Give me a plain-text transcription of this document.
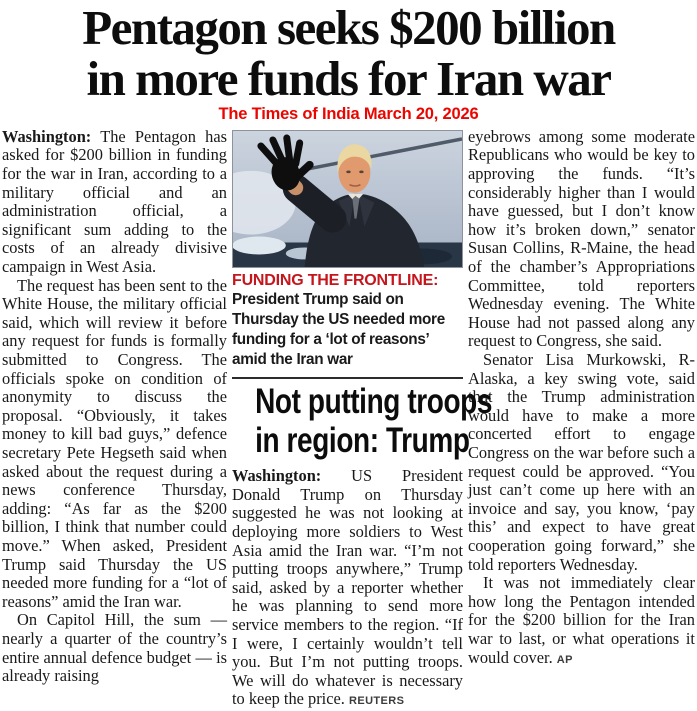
Pentagon seeks $200 billion
in more funds for Iran war
The Times of India March 20, 2026

Washington: The Pentagon has asked for $200 billion in funding for the war in Iran, according to a military official and an administration official, a significant sum adding to the costs of an already divisive campaign in West Asia.

The request has been sent to the White House, the military official said, which will review it before any request for funds is formally submitted to Congress. The officials spoke on condition of anonymity to discuss the proposal. “Obviously, it takes money to kill bad guys,” defence secretary Pete Hegseth said when asked about the request during a news conference Thursday, adding: “As far as the $200 billion, I think that number could move.” When asked, President Trump said Thursday the US needed more funding for a “lot of reasons” amid the Iran war.

On Capitol Hill, the sum — nearly a quarter of the country’s entire annual defence budget — is already raising

FUNDING THE FRONTLINE:
President Trump said on Thursday the US needed more funding for a ‘lot of reasons’ amid the Iran war
Not putting troops
in region: Trump

Washington: US President Donald Trump on Thursday suggested he was not looking at deploying more soldiers to West Asia amid the Iran war. “I’m not putting troops anywhere,” Trump said, asked by a reporter whether he was planning to send more service members to the region. “If I were, I certainly wouldn’t tell you. But I’m not putting troops. We will do whatever is necessary to keep the price. REUTERS

eyebrows among some moderate Republicans who would be key to approving the funds. “It’s considerably higher than I would have guessed, but I don’t know how it’s broken down,” senator Susan Collins, R-Maine, the head of the chamber’s Appropriations Committee, told reporters Wednesday evening. The White House had not passed along any request to Congress, she said.

Senator Lisa Murkowski, R-Alaska, a key swing vote, said that the Trump administration would have to make a more concerted effort to engage Congress on the war before such a request could be approved. “You just can’t come up here with an invoice and say, you know, ‘pay this’ and expect to have great cooperation going forward,” she told reporters Wednesday.

It was not immediately clear how long the Pentagon intended for the $200 billion for the Iran war to last, or what operations it would cover. AP
